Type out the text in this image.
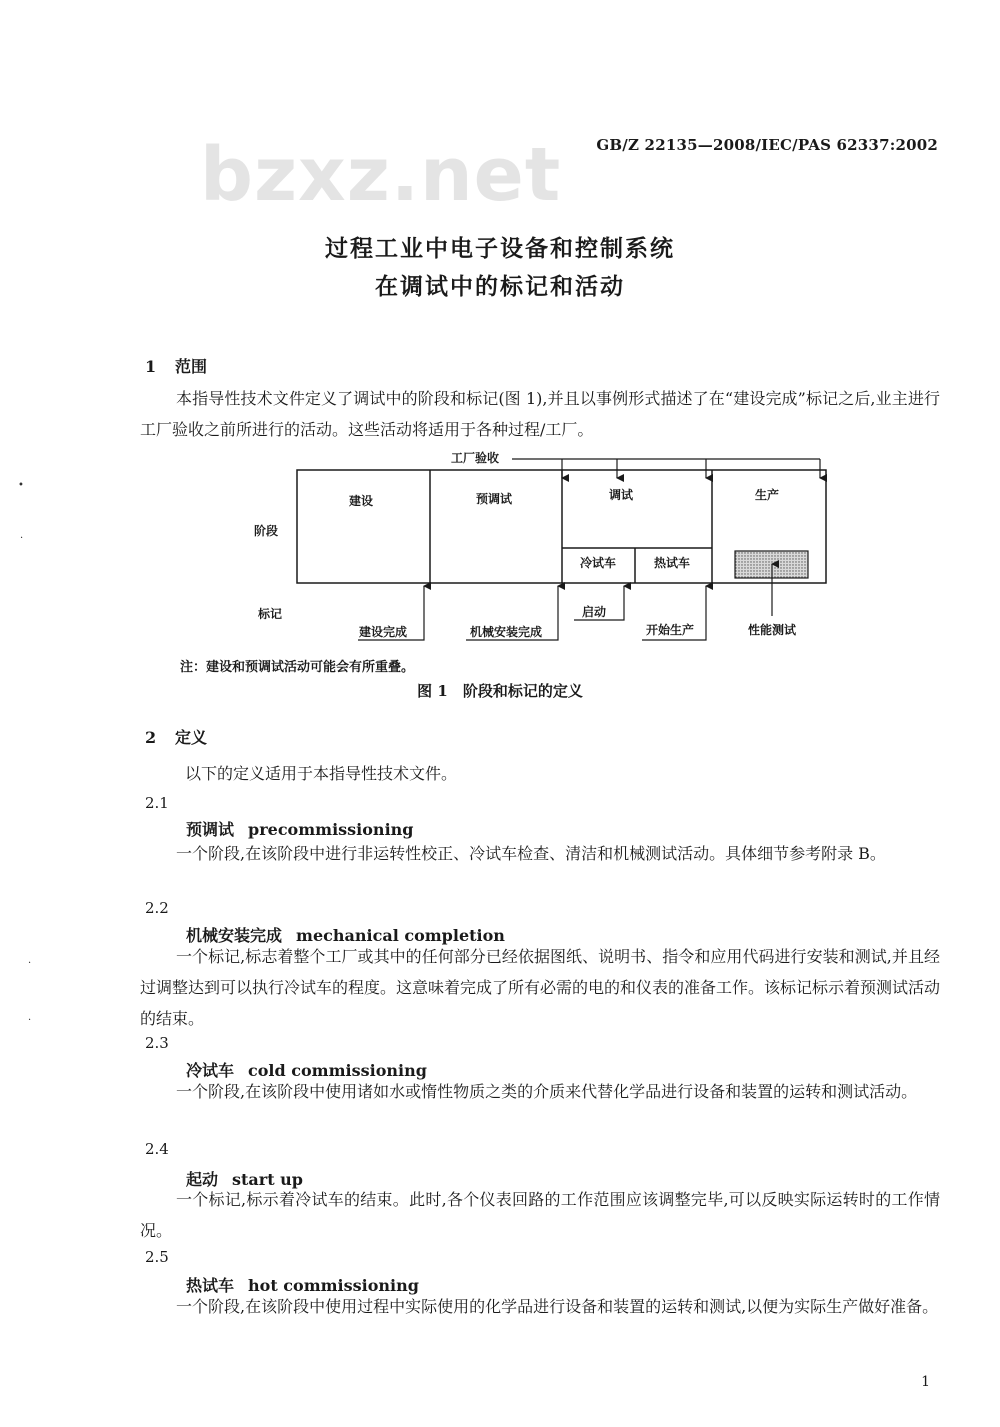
bzxz.net GB/Z 22135—2008/IEC/PAS 62337:2002
过程工业中电子设备和控制系统
在调试中的标记和活动
1 范围
本指导性技术文件定义了调试中的阶段和标记(图 1),并且以事例形式描述了在“建设完成”标记之后,业主进行工厂验收之前所进行的活动。这些活动将适用于各种过程/工厂。
工厂验收
阶段
标记
建设	预调试	调试	生产
冷试车	热试车
建设完成	机械安装完成
启动
开始生产	性能测试
注：建设和预调试活动可能会有所重叠。
图 1　阶段和标记的定义
2 定义
以下的定义适用于本指导性技术文件。
2.1
预调试 precommissioning
一个阶段,在该阶段中进行非运转性校正、冷试车检查、清洁和机械测试活动。具体细节参考附录 B。
2.2
机械安装完成 mechanical completion
一个标记,标志着整个工厂或其中的任何部分已经依据图纸、说明书、指令和应用代码进行安装和测试,并且经过调整达到可以执行冷试车的程度。这意味着完成了所有必需的电的和仪表的准备工作。该标记标示着预测试活动的结束。
2.3
冷试车 cold commissioning
一个阶段,在该阶段中使用诸如水或惰性物质之类的介质来代替化学品进行设备和装置的运转和测试活动。
2.4
起动 start up
一个标记,标示着冷试车的结束。此时,各个仪表回路的工作范围应该调整完毕,可以反映实际运转时的工作情况。
2.5
热试车 hot commissioning
一个阶段,在该阶段中使用过程中实际使用的化学品进行设备和装置的运转和测试,以便为实际生产做好准备。
1
•
·
·
·
